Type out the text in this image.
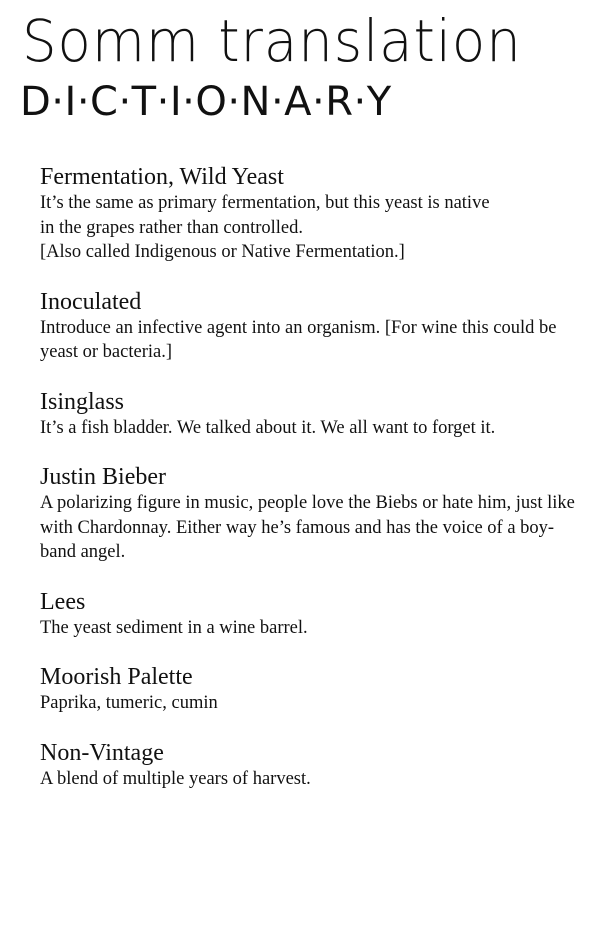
Somm translation
D·I·C·T·I·O·N·A·R·Y
Fermentation, Wild Yeast

It’s the same as primary fermentation, but this yeast is native
in the grapes rather than controlled.
[Also called Indigenous or Native Fermentation.]

Inoculated

Introduce an infective agent into an organism. [For wine this could be yeast or bacteria.]

Isinglass

It’s a fish bladder. We talked about it. We all want to forget it.

Justin Bieber

A polarizing figure in music, people love the Biebs or hate him, just like with Chardonnay. Either way he’s famous and has the voice of a boy-band angel.

Lees

The yeast sediment in a wine barrel.

Moorish Palette

Paprika, tumeric, cumin

Non-Vintage

A blend of multiple years of harvest.
